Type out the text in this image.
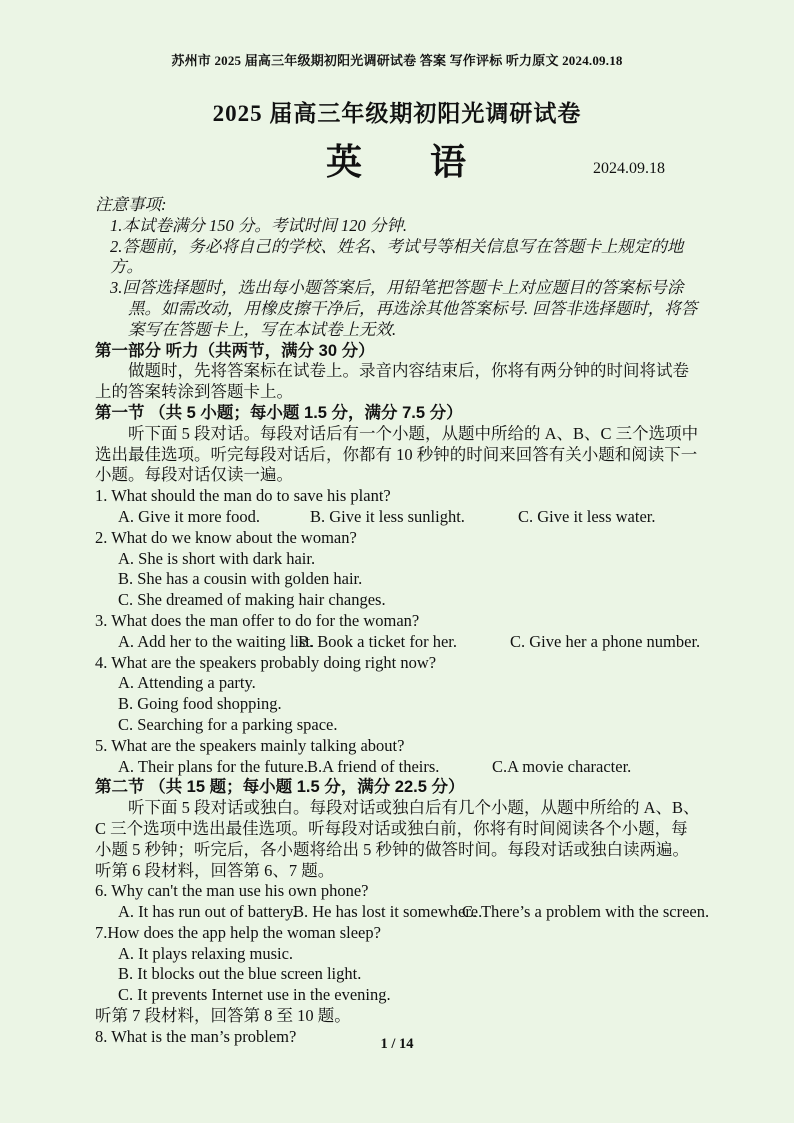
苏州市 2025 届高三年级期初阳光调研试卷 答案 写作评标 听力原文 2024.09.18
2025 届高三年级期初阳光调研试卷
英      语	2024.09.18
注意事项:
1.本试卷满分 150 分。考试时间 120 分钟.
2.答题前，务必将自己的学校、姓名、考试号等相关信息写在答题卡上规定的地方。
3.回答选择题时，选出每小题答案后，用铅笔把答题卡上对应题目的答案标号涂黑。如需改动，用橡皮擦干净后，再选涂其他答案标号. 回答非选择题时，将答案写在答题卡上，写在本试卷上无效.
第一部分 听力（共两节，满分 30 分）
做题时，先将答案标在试卷上。录音内容结束后，你将有两分钟的时间将试卷上的答案转涂到答题卡上。
第一节 （共 5 小题；每小题 1.5 分，满分 7.5 分）
听下面 5 段对话。每段对话后有一个小题，从题中所给的 A、B、C 三个选项中选出最佳选项。听完每段对话后，你都有 10 秒钟的时间来回答有关小题和阅读下一小题。每段对话仅读一遍。
1. What should the man do to save his plant?
A. Give it more food.	B. Give it less sunlight.	C. Give it less water.
2. What do we know about the woman?
A. She is short with dark hair.
B. She has a cousin with golden hair.
C. She dreamed of making hair changes.
3. What does the man offer to do for the woman?
A. Add her to the waiting list.B. Book a ticket for her.	C. Give her a phone number.
4. What are the speakers probably doing right now?
A. Attending a party.
B. Going food shopping.
C. Searching for a parking space.
5. What are the speakers mainly talking about?
A. Their plans for the future.B.A friend of theirs.	C.A movie character.
第二节 （共 15 题；每小题 1.5 分，满分 22.5 分）
听下面 5 段对话或独白。每段对话或独白后有几个小题，从题中所给的 A、B、C 三个选项中选出最佳选项。听每段对话或独白前，你将有时间阅读各个小题，每小题 5 秒钟；听完后，各小题将给出 5 秒钟的做答时间。每段对话或独白读两遍。
听第 6 段材料，回答第 6、7 题。
6. Why can't the man use his own phone?
A. It has run out of battery.B. He has lost it somewhere.C. There’s a problem with the screen.
7.How does the app help the woman sleep?
A. It plays relaxing music.
B. It blocks out the blue screen light.
C. It prevents Internet use in the evening.
听第 7 段材料，回答第 8 至 10 题。
8. What is the man’s problem?	1 / 14
